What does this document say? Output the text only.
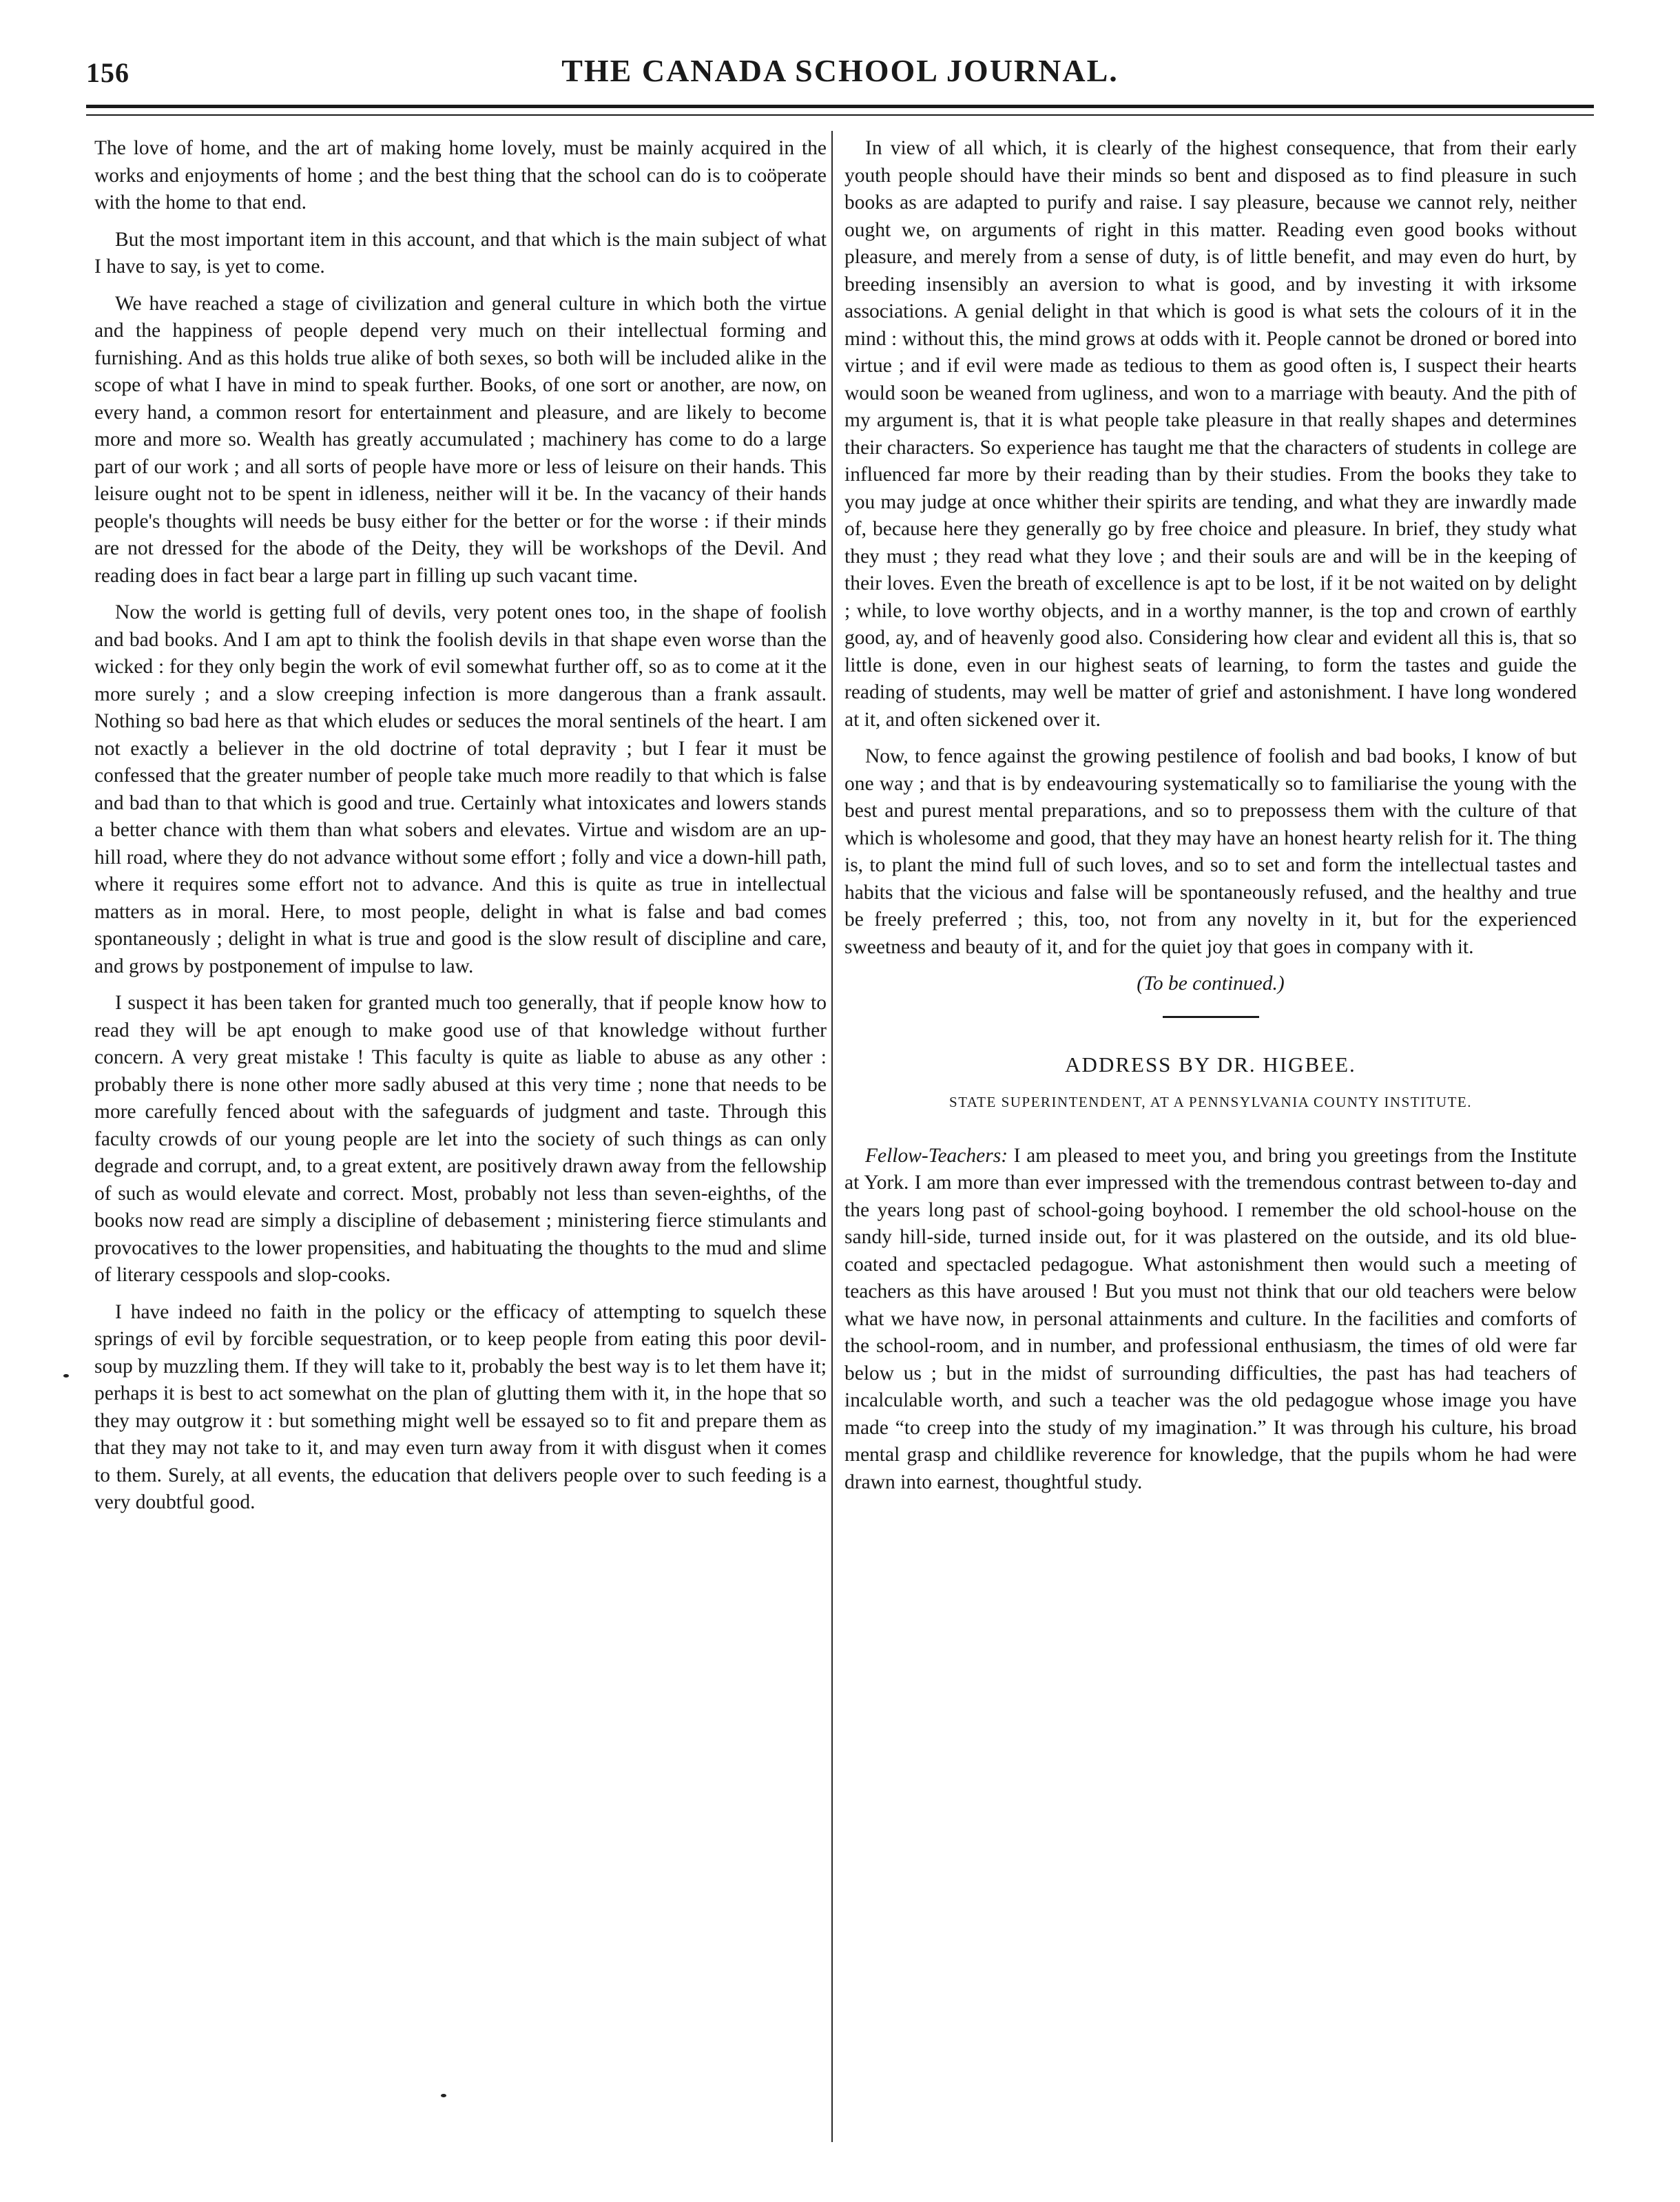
156	THE CANADA SCHOOL JOURNAL.

The love of home, and the art of making home lovely, must be mainly acquired in the works and enjoyments of home ; and the best thing that the school can do is to coöperate with the home to that end.

But the most important item in this account, and that which is the main subject of what I have to say, is yet to come.

We have reached a stage of civilization and general culture in which both the virtue and the happiness of people depend very much on their intellectual forming and furnishing. And as this holds true alike of both sexes, so both will be included alike in the scope of what I have in mind to speak further. Books, of one sort or another, are now, on every hand, a common resort for entertainment and pleasure, and are likely to become more and more so. Wealth has greatly accumulated ; machinery has come to do a large part of our work ; and all sorts of people have more or less of leisure on their hands. This leisure ought not to be spent in idleness, neither will it be. In the vacancy of their hands people's thoughts will needs be busy either for the better or for the worse : if their minds are not dressed for the abode of the Deity, they will be workshops of the Devil. And reading does in fact bear a large part in filling up such vacant time.

Now the world is getting full of devils, very potent ones too, in the shape of foolish and bad books. And I am apt to think the foolish devils in that shape even worse than the wicked : for they only begin the work of evil somewhat further off, so as to come at it the more surely ; and a slow creeping infection is more dangerous than a frank assault. Nothing so bad here as that which eludes or seduces the moral sentinels of the heart. I am not exactly a believer in the old doctrine of total depravity ; but I fear it must be confessed that the greater number of people take much more readily to that which is false and bad than to that which is good and true. Certainly what intoxicates and lowers stands a better chance with them than what sobers and elevates. Virtue and wisdom are an up-hill road, where they do not advance without some effort ; folly and vice a down-hill path, where it requires some effort not to advance. And this is quite as true in intellectual matters as in moral. Here, to most people, delight in what is false and bad comes spontaneously ; delight in what is true and good is the slow result of discipline and care, and grows by postponement of impulse to law.

I suspect it has been taken for granted much too generally, that if people know how to read they will be apt enough to make good use of that knowledge without further concern. A very great mistake ! This faculty is quite as liable to abuse as any other : probably there is none other more sadly abused at this very time ; none that needs to be more carefully fenced about with the safeguards of judgment and taste. Through this faculty crowds of our young people are let into the society of such things as can only degrade and corrupt, and, to a great extent, are positively drawn away from the fellowship of such as would elevate and correct. Most, probably not less than seven-eighths, of the books now read are simply a discipline of debasement ; ministering fierce stimulants and provocatives to the lower propensities, and habituating the thoughts to the mud and slime of literary cesspools and slop-cooks.

I have indeed no faith in the policy or the efficacy of attempting to squelch these springs of evil by forcible sequestration, or to keep people from eating this poor devil-soup by muzzling them. If they will take to it, probably the best way is to let them have it; perhaps it is best to act somewhat on the plan of glutting them with it, in the hope that so they may outgrow it : but something might well be essayed so to fit and prepare them as that they may not take to it, and may even turn away from it with disgust when it comes to them. Surely, at all events, the education that delivers people over to such feeding is a very doubtful good.

In view of all which, it is clearly of the highest consequence, that from their early youth people should have their minds so bent and disposed as to find pleasure in such books as are adapted to purify and raise. I say pleasure, because we cannot rely, neither ought we, on arguments of right in this matter. Reading even good books without pleasure, and merely from a sense of duty, is of little benefit, and may even do hurt, by breeding insensibly an aversion to what is good, and by investing it with irksome associations. A genial delight in that which is good is what sets the colours of it in the mind : without this, the mind grows at odds with it. People cannot be droned or bored into virtue ; and if evil were made as tedious to them as good often is, I suspect their hearts would soon be weaned from ugliness, and won to a marriage with beauty. And the pith of my argument is, that it is what people take pleasure in that really shapes and determines their characters. So experience has taught me that the characters of students in college are influenced far more by their reading than by their studies. From the books they take to you may judge at once whither their spirits are tending, and what they are inwardly made of, because here they generally go by free choice and pleasure. In brief, they study what they must ; they read what they love ; and their souls are and will be in the keeping of their loves. Even the breath of excellence is apt to be lost, if it be not waited on by delight ; while, to love worthy objects, and in a worthy manner, is the top and crown of earthly good, ay, and of heavenly good also. Considering how clear and evident all this is, that so little is done, even in our highest seats of learning, to form the tastes and guide the reading of students, may well be matter of grief and astonishment. I have long wondered at it, and often sickened over it.

Now, to fence against the growing pestilence of foolish and bad books, I know of but one way ; and that is by endeavouring systematically so to familiarise the young with the best and purest mental preparations, and so to prepossess them with the culture of that which is wholesome and good, that they may have an honest hearty relish for it. The thing is, to plant the mind full of such loves, and so to set and form the intellectual tastes and habits that the vicious and false will be spontaneously refused, and the healthy and true be freely preferred ; this, too, not from any novelty in it, but for the experienced sweetness and beauty of it, and for the quiet joy that goes in company with it.

(To be continued.)

ADDRESS BY DR. HIGBEE.
STATE SUPERINTENDENT, AT A PENNSYLVANIA COUNTY INSTITUTE.

Fellow-Teachers: I am pleased to meet you, and bring you greetings from the Institute at York. I am more than ever impressed with the tremendous contrast between to-day and the years long past of school-going boyhood. I remember the old school-house on the sandy hill-side, turned inside out, for it was plastered on the outside, and its old blue-coated and spectacled pedagogue. What astonishment then would such a meeting of teachers as this have aroused ! But you must not think that our old teachers were below what we have now, in personal attainments and culture. In the facilities and comforts of the school-room, and in number, and professional enthusiasm, the times of old were far below us ; but in the midst of surrounding difficulties, the past has had teachers of incalculable worth, and such a teacher was the old pedagogue whose image you have made “to creep into the study of my imagination.” It was through his culture, his broad mental grasp and childlike reverence for knowledge, that the pupils whom he had were drawn into earnest, thoughtful study.
